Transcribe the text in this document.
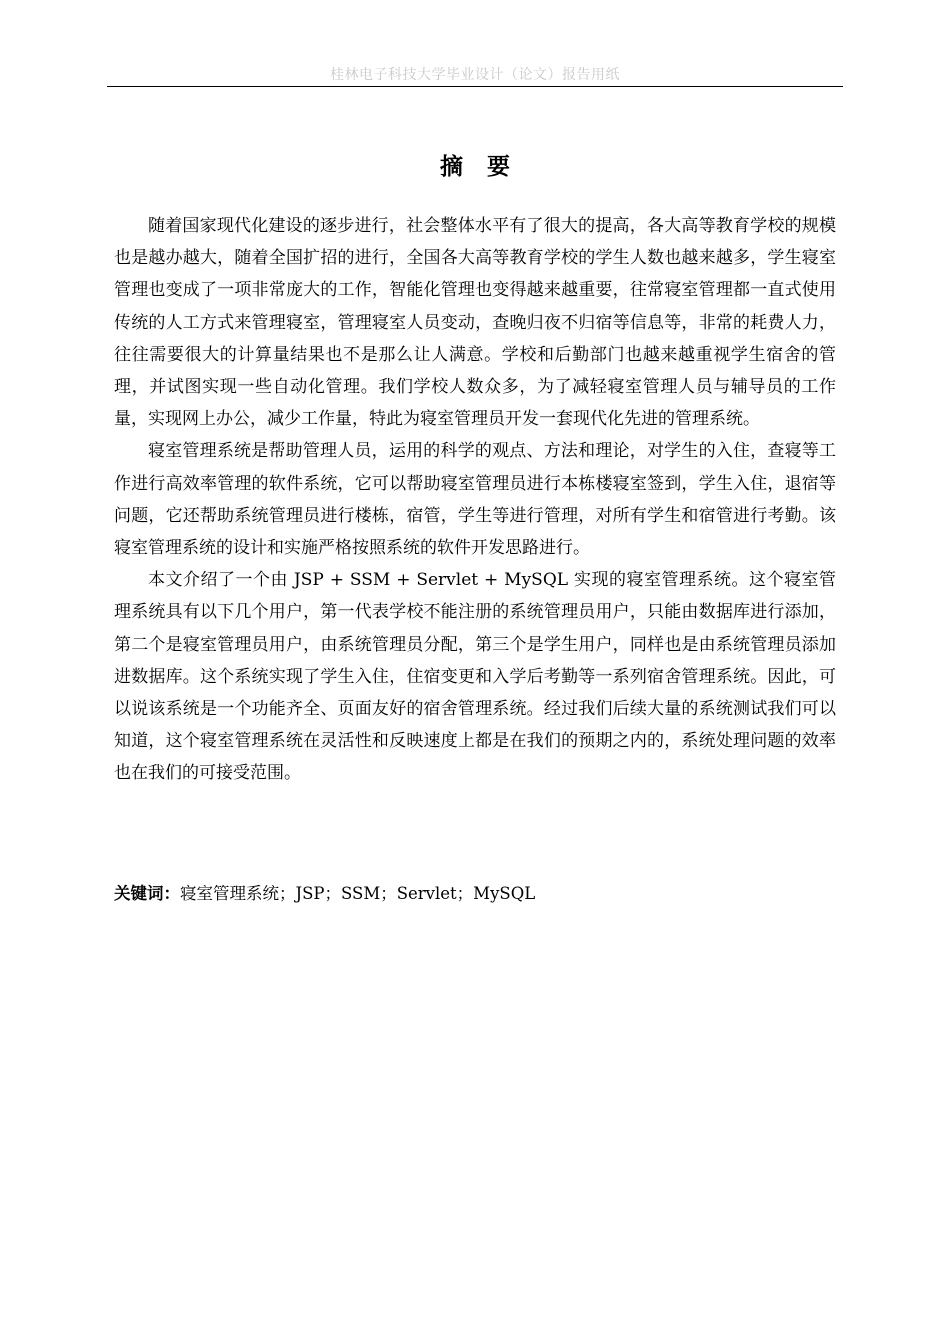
桂林电子科技大学毕业设计（论文）报告用纸
摘 要

随着国家现代化建设的逐步进行，社会整体水平有了很大的提高，各大高等教育学校的规模也是越办越大，随着全国扩招的进行，全国各大高等教育学校的学生人数也越来越多，学生寝室管理也变成了一项非常庞大的工作，智能化管理也变得越来越重要，往常寝室管理都一直式使用传统的人工方式来管理寝室，管理寝室人员变动，查晚归夜不归宿等信息等，非常的耗费人力，往往需要很大的计算量结果也不是那么让人满意。学校和后勤部门也越来越重视学生宿舍的管理，并试图实现一些自动化管理。我们学校人数众多，为了减轻寝室管理人员与辅导员的工作量，实现网上办公，减少工作量，特此为寝室管理员开发一套现代化先进的管理系统。

寝室管理系统是帮助管理人员，运用的科学的观点、方法和理论，对学生的入住，查寝等工作进行高效率管理的软件系统，它可以帮助寝室管理员进行本栋楼寝室签到，学生入住，退宿等问题，它还帮助系统管理员进行楼栋，宿管，学生等进行管理，对所有学生和宿管进行考勤。该寝室管理系统的设计和实施严格按照系统的软件开发思路进行。

本文介绍了一个由 JSP + SSM + Servlet + MySQL 实现的寝室管理系统。这个寝室管理系统具有以下几个用户，第一代表学校不能注册的系统管理员用户，只能由数据库进行添加，第二个是寝室管理员用户，由系统管理员分配，第三个是学生用户，同样也是由系统管理员添加进数据库。这个系统实现了学生入住，住宿变更和入学后考勤等一系列宿舍管理系统。因此，可以说该系统是一个功能齐全、页面友好的宿舍管理系统。经过我们后续大量的系统测试我们可以知道，这个寝室管理系统在灵活性和反映速度上都是在我们的预期之内的，系统处理问题的效率也在我们的可接受范围。

关键词：寝室管理系统；JSP；SSM；Servlet；MySQL
